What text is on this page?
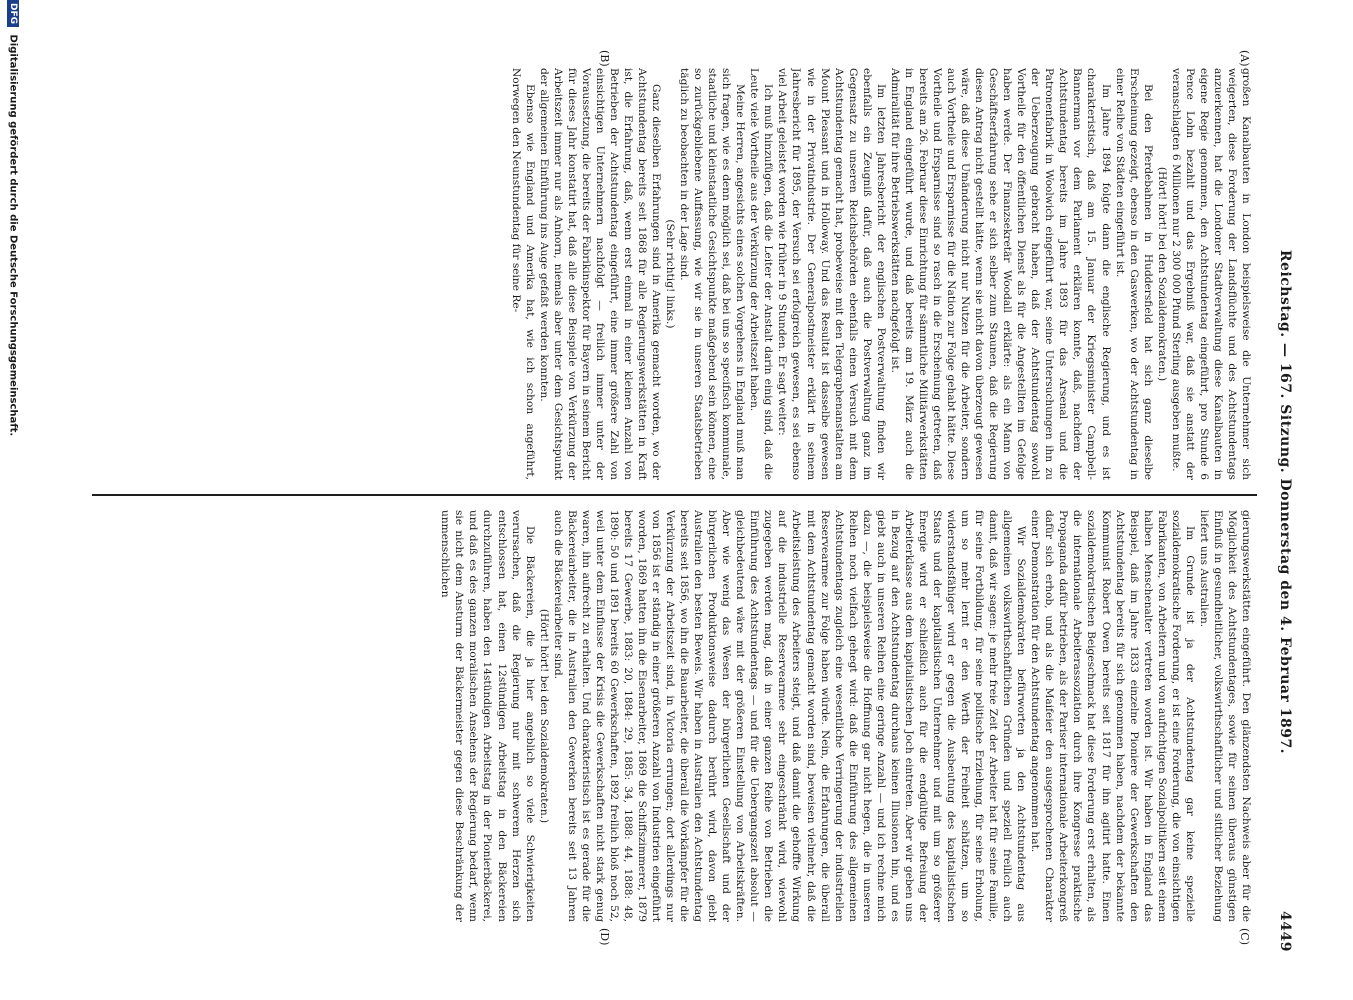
Reichstag. — 167. Sitzung. Donnerstag den 4. Februar 1897.
4449
(A)
(B)
(C)
(D)

großen Kanalbauten in London beispielsweise die Unternehmer sich weigerten, diese Forderung der Landsflüchte und des Achtstundentags anzuerkennen, hat die Londoner Stadtverwaltung diese Kanalbauten in eigene Regie genommen, den Achtstundentag eingeführt, pro Stunde 6 Pence Lohn bezahlt und das Ergebniß war, daß sie anstatt der veranschlagten 6 Millionen nur 2 300 000 Pfund Sterling ausgeben mußte.

(Hört! hört! bei den Sozialdemokraten.)

Bei den Pferdebahnen in Huddersfield hat sich ganz dieselbe Erscheinung gezeigt, ebenso in den Gaswerken, wo der Achtstundentag in einer Reihe von Städten eingeführt ist.

Im Jahre 1894 folgte dann die englische Regierung, und es ist charakteristisch, daß am 15. Januar der Kriegsminister Campbell-Bannerman vor dem Parlament erklären konnte, daß, nachdem der Achtstundentag bereits im Jahre 1893 für das Arsenal und die Patronenfabrik in Woolwich eingeführt war, seine Untersuchungen ihn zu der Ueberzeugung gebracht haben, daß der Achtstundentag sowohl Vortheile für den öffentlichen Dienst als für die Angestellten im Gefolge haben werde. Der Finanzsekretär Woodall erklärte: als ein Mann von Geschäftserfahrung sehe er sich selber zum Staunen, daß die Regierung diesen Antrag nicht gestellt hätte, wenn sie nicht davon überzeugt gewesen wäre, daß diese Umänderung nicht nur Nutzen für die Arbeiter, sondern auch Vortheile und Ersparnisse für die Nation zur Folge gehabt hätte. Diese Vortheile und Ersparnisse sind so rasch in die Erscheinung getreten, daß bereits am 26. Februar diese Einrichtung für sämmtliche Militärwerkstätten in England eingeführt wurde, und daß bereits am 19. März auch die Admiralität für ihre Betriebswerkstätten nachgefolgt ist.

Im letzten Jahresbericht der englischen Postverwaltung finden wir ebenfalls ein Zeugniß dafür, daß auch die Postverwaltung ganz im Gegensatz zu unseren Reichsbehörden ebenfalls einen Versuch mit dem Achtstundentag gemacht hat, probeweise mit den Telegraphenanstalten am Mount Pleasant und in Holloway. Und das Resultat ist dasselbe gewesen wie in der Privatindustrie. Der Generalpostmeister erklärt in seinem Jahresbericht für 1895, der Versuch sei erfolgreich gewesen, es sei ebenso viel Arbeit geleistet worden wie früher in 9 Stunden. Er sagt weiter:

Ich muß hinzufügen, daß die Leiter der Anstalt darin einig sind, daß die Leute viele Vortheile aus der Verkürzung der Arbeitszeit haben.

Meine Herren, angesichts eines solchen Vorgehens in England muß man sich fragen, wie es denn möglich sei, daß bei uns so specifisch kommunale, staatliche und kleinstaatliche Gesichtspunkte maßgebend sein können, eine so zurückgebliebene Auffassung, wie wir sie in unseren Staatsbetrieben täglich zu beobachten in der Lage sind.

(Sehr richtig! links.)

Ganz dieselben Erfahrungen sind in Amerika gemacht worden, wo der Achtstundentag bereits seit 1868 für alle Regierungswerkstätten in Kraft ist, die Erfahrung, daß, wenn erst einmal in einer kleinen Anzahl von Betrieben der Achtstundentag eingeführt, eine immer größere Zahl von einsichtigen Unternehmern nachfolgt — freilich immer unter der Voraussetzung, die bereits der Fabrikinspektor für Bayern in seinem Bericht für dieses Jahr konstatirt hat, daß alle diese Beispiele von Verkürzung der Arbeitszeit immer nur als Anhorn, niemals aber unter dem Gesichtspunkt der allgemeinen Einführung ins Auge gefaßt werden konnten.

Ebenso wie England und Amerika hat, wie ich schon angeführt, Norwegen den Neunstundentag für seine Re-

gierungswerkstätten eingeführt. Den glänzendsten Nachweis aber für die Möglichkeit des Achtstundentages, sowie für seinen überaus günstigen Einfluß in gesundheitlicher, volkswirthschaftlicher und sittlicher Beziehung liefert uns Australien.

Im Grunde ist ja der Achtstundentag gar keine spezielle sozialdemokratische Forderung, er ist eine Forderung, die von einsichtigen Fabrikanten, von Arbeitern und von aufrichtigen Sozialpolitikern seit einem halben Menschenalter vertreten worden ist. Wir haben in England das Beispiel, daß im Jahre 1833 einzelne Pioniere der Gewerkschaften den Achtstundentag bereits für sich genommen haben, nachdem der bekannte Kommunist Robert Owen bereits seit 1817 für ihn agitirt hatte. Einen sozialdemokratischen Beigeschmack hat diese Forderung erst erhalten, als die internationale Arbeiterassoziation durch ihre Kongresse praktische Propaganda dafür betrieben, als der Pariser internationale Arbeiterkongreß dafür sich erhob, und als die Maifeier den ausgesprochenen Charakter einer Demonstration für den Achtstundentag angenommen hat.

Wir Sozialdemokraten befürworten ja den Achtstundentag aus allgemeinen volkswirthschaftlichen Gründen und speziell freilich auch damit, daß wir sagen: je mehr freie Zeit der Arbeiter hat für seine Familie, für seine Fortbildung, für seine politische Erziehung, für seine Erholung, um so mehr lernt er den Werth der Freiheit schätzen, um so widerstandsfähiger wird er gegen die Ausbeutung des kapitalistischen Staats und der kapitalistischen Unternehmer und mit um so größerer Energie wird er schließlich auch für die endgültige Befreiung der Arbeiterklasse aus dem kapitalistischen Joch eintreten. Aber wir geben uns in Bezug auf den Achtstundentag durchaus keinen Illusionen hin, und es giebt auch in unseren Reihen eine geringe Anzahl — und ich rechne mich dazu —, die beispielsweise die Hoffnung gar nicht hegen, die in unseren Reihen noch vielfach gehegt wird: daß die Einführung des allgemeinen Achtstundentags zugleich eine wesentliche Verringerung der industriellen Reservearmee zur Folge haben würde. Nein, die Erfahrungen, die überall mit dem Achtstundentag gemacht worden sind, beweisen vielmehr, daß die Arbeitsleistung des Arbeiters steigt, und daß damit die gehoffte Wirkung auf die industrielle Reservearmee sehr eingeschränkt wird, wiewohl zugegeben werden mag, daß in einer ganzen Reihe von Betrieben die Einführung des Achtstundentags — und für die Uebergangszeit absolut — gleichbedeutend wäre mit der größeren Einstellung von Arbeitskräften. Aber wie wenig das Wesen der bürgerlichen Gesellschaft und der bürgerlichen Produktionsweise dadurch berührt wird, davon giebt Australien den besten Beweis. Wir haben in Australien den Achtstundentag bereits seit 1856, wo ihn die Bauarbeiter, die überall die Vorkämpfer für die Verkürzung der Arbeitszeit sind, in Victoria errungen; dort allerdings nur von 1856 ist er ständig in einer größeren Anzahl von Industrien eingeführt worden, 1869 hatten ihn die Eisenarbeiter, 1869 die Schiffszimmerer, 1879 bereits 17 Gewerbe, 1883: 20, 1884: 29, 1885: 34, 1888: 44, 1888: 48, 1890: 50 und 1891 bereits 60 Gewerkschaften, 1892 freilich bloß noch 52, weil unter dem Einflusse der Krisis die Gewerkschaften nicht stark genug waren, ihn aufrecht zu erhalten. Und charakteristisch ist es gerade für die Bäckereiarbeiter, die in Australien den Gewerken bereits seit 13 Jahren auch die Bäckereiarbeiter sind.

(Hört! hört! bei den Sozialdemokraten.)

Die Bäckereien, die ja hier angeblich so viele Schwierigkeiten verursachen, daß die Regierung nur mit schwerem Herzen sich entschlossen hat, einen 12stündigen Arbeitstag in den Bäckereien durchzuführen, haben den 14stündigen Arbeitstag in der Pionierbäckerei, und daß es des ganzen moralischen Ansehens der Regierung bedarf, wenn sie nicht dem Ansturm der Bäckermeister gegen diese Beschränkung der unmenschlichen

DFG Digitalisierung gefördert durch die Deutsche Forschungsgemeinschaft.
